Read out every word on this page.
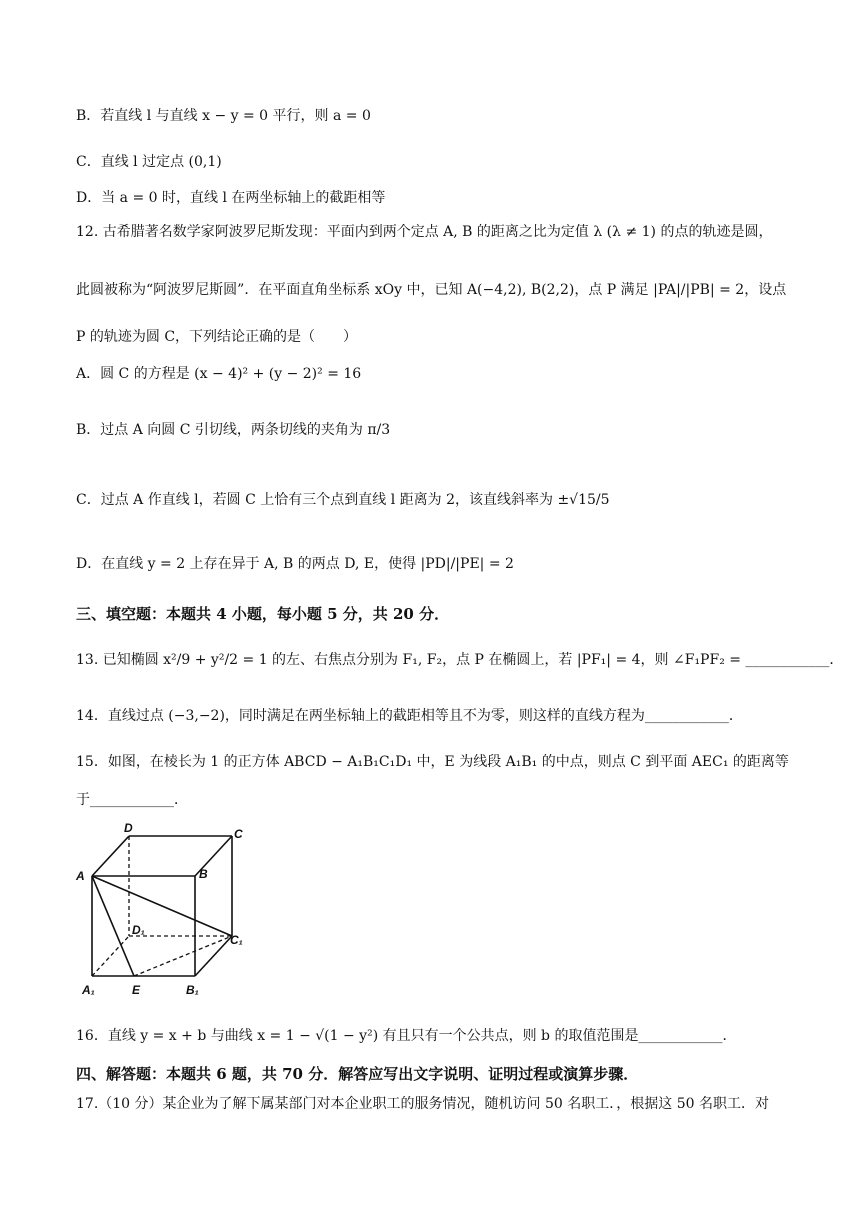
B．若直线 l 与直线 x − y = 0 平行，则 a = 0
C．直线 l 过定点 (0,1)
D．当 a = 0 时，直线 l 在两坐标轴上的截距相等
12. 古希腊著名数学家阿波罗尼斯发现：平面内到两个定点 A, B 的距离之比为定值 λ (λ ≠ 1) 的点的轨迹是圆，
此圆被称为“阿波罗尼斯圆”．在平面直角坐标系 xOy 中，已知 A(−4,2), B(2,2)，点 P 满足 |PA|/|PB| = 2，设点
P 的轨迹为圆 C，下列结论正确的是（　　）
A．圆 C 的方程是 (x − 4)² + (y − 2)² = 16
B．过点 A 向圆 C 引切线，两条切线的夹角为 π/3
C．过点 A 作直线 l，若圆 C 上恰有三个点到直线 l 距离为 2，该直线斜率为 ±√15/5
D．在直线 y = 2 上存在异于 A, B 的两点 D, E，使得 |PD|/|PE| = 2
三、填空题：本题共 4 小题，每小题 5 分，共 20 分．
13. 已知椭圆 x²/9 + y²/2 = 1 的左、右焦点分别为 F₁, F₂，点 P 在椭圆上，若 |PF₁| = 4，则 ∠F₁PF₂ = ____________．
14．直线过点 (−3,−2)，同时满足在两坐标轴上的截距相等且不为零，则这样的直线方程为____________．
15．如图，在棱长为 1 的正方体 ABCD − A₁B₁C₁D₁ 中，E 为线段 A₁B₁ 的中点，则点 C 到平面 AEC₁ 的距离等
于____________．
D	C
A	B
D₁
C₁
A₁	E	B₁
16．直线 y = x + b 与曲线 x = 1 − √(1 − y²) 有且只有一个公共点，则 b 的取值范围是____________．
四、解答题：本题共 6 题，共 70 分．解答应写出文字说明、证明过程或演算步骤．
17.（10 分）某企业为了解下属某部门对本企业职工的服务情况，随机访问 50 名职工．，根据这 50 名职工．对
